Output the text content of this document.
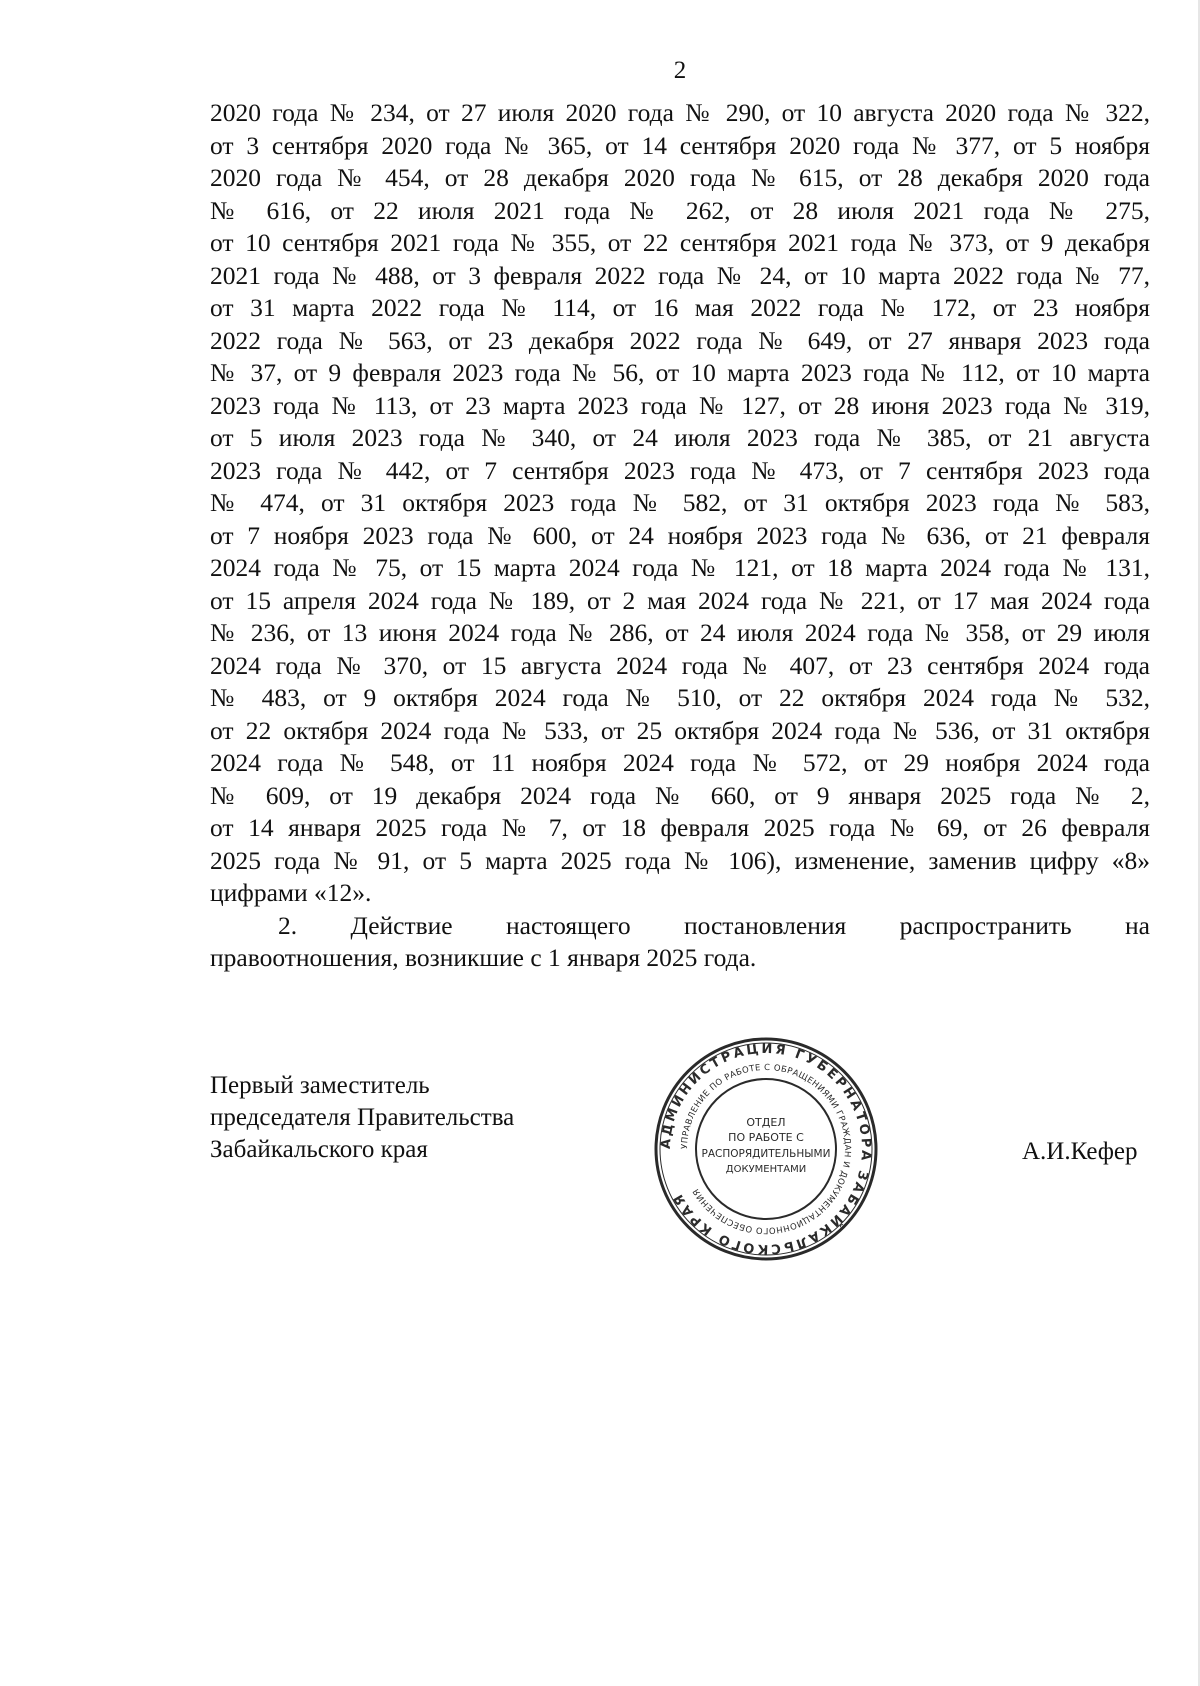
2

2020 года № 234, от 27 июля 2020 года № 290, от 10 августа 2020 года № 322,
от 3 сентября 2020 года № 365, от 14 сентября 2020 года № 377, от 5 ноября
2020 года № 454, от 28 декабря 2020 года № 615, от 28 декабря 2020 года
№ 616, от 22 июля 2021 года № 262, от 28 июля 2021 года № 275,
от 10 сентября 2021 года № 355, от 22 сентября 2021 года № 373, от 9 декабря
2021 года № 488, от 3 февраля 2022 года № 24, от 10 марта 2022 года № 77,
от 31 марта 2022 года № 114, от 16 мая 2022 года № 172, от 23 ноября
2022 года № 563, от 23 декабря 2022 года № 649, от 27 января 2023 года
№ 37, от 9 февраля 2023 года № 56, от 10 марта 2023 года № 112, от 10 марта
2023 года № 113, от 23 марта 2023 года № 127, от 28 июня 2023 года № 319,
от 5 июля 2023 года № 340, от 24 июля 2023 года № 385, от 21 августа
2023 года № 442, от 7 сентября 2023 года № 473, от 7 сентября 2023 года
№ 474, от 31 октября 2023 года № 582, от 31 октября 2023 года № 583,
от 7 ноября 2023 года № 600, от 24 ноября 2023 года № 636, от 21 февраля
2024 года № 75, от 15 марта 2024 года № 121, от 18 марта 2024 года № 131,
от 15 апреля 2024 года № 189, от 2 мая 2024 года № 221, от 17 мая 2024 года
№ 236, от 13 июня 2024 года № 286, от 24 июля 2024 года № 358, от 29 июля
2024 года № 370, от 15 августа 2024 года № 407, от 23 сентября 2024 года
№ 483, от 9 октября 2024 года № 510, от 22 октября 2024 года № 532,
от 22 октября 2024 года № 533, от 25 октября 2024 года № 536, от 31 октября
2024 года № 548, от 11 ноября 2024 года № 572, от 29 ноября 2024 года
№ 609, от 19 декабря 2024 года № 660, от 9 января 2025 года № 2,
от 14 января 2025 года № 7, от 18 февраля 2025 года № 69, от 26 февраля
2025 года № 91, от 5 марта 2025 года № 106), изменение, заменив цифру «8»
цифрами «12».

2. Действие настоящего постановления распространить на
правоотношения, возникшие с 1 января 2025 года.

Первый заместитель
председателя Правительства
Забайкальского края	А.И.Кефер
АДМИНИСТРАЦИЯ ГУБЕРНАТОРА ЗАБАЙКАЛЬСКОГО КРАЯ
УПРАВЛЕНИЕ ПО РАБОТЕ С ОБРАЩЕНИЯМИ ГРАЖДАН И ДОКУМЕНТАЦИОННОГО ОБЕСПЕЧЕНИЯ
ОТДЕЛ
ПО РАБОТЕ С
РАСПОРЯДИТЕЛЬНЫМИ
ДОКУМЕНТАМИ
